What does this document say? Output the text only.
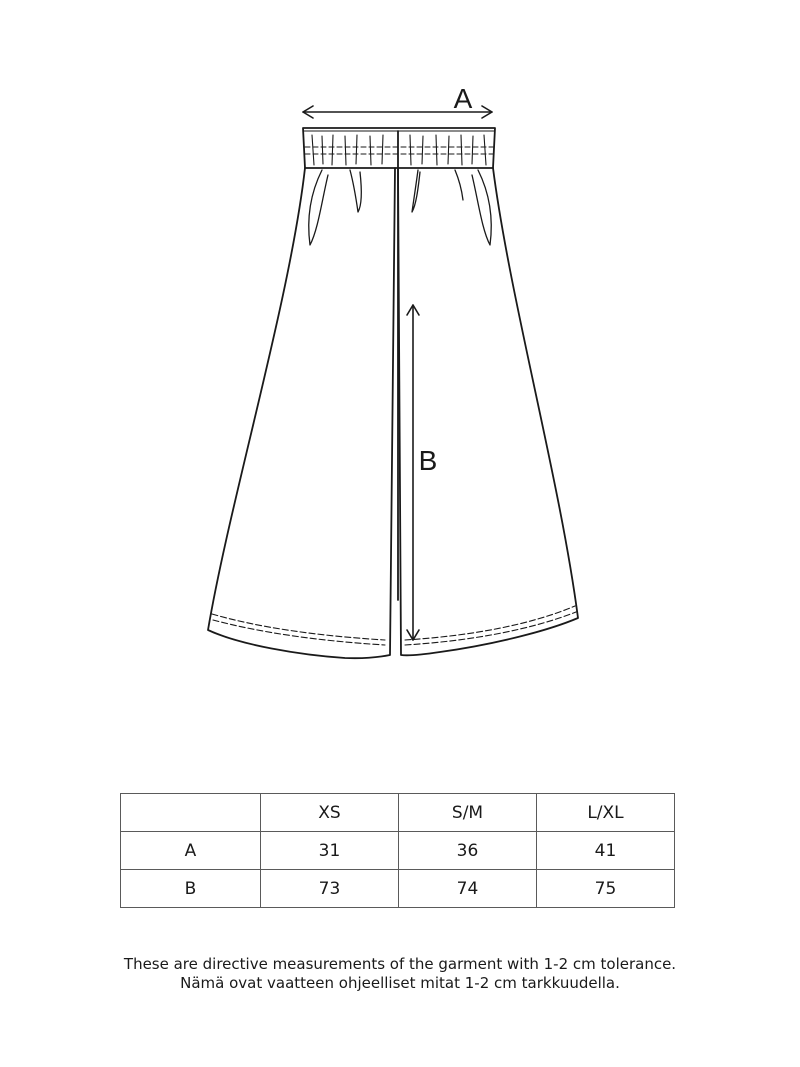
A
B
	XS	S/M	L/XL
A	31	36	41
B	73	74	75
These are directive measurements of the garment with 1-2 cm tolerance.
Nämä ovat vaatteen ohjeelliset mitat 1-2 cm tarkkuudella.
